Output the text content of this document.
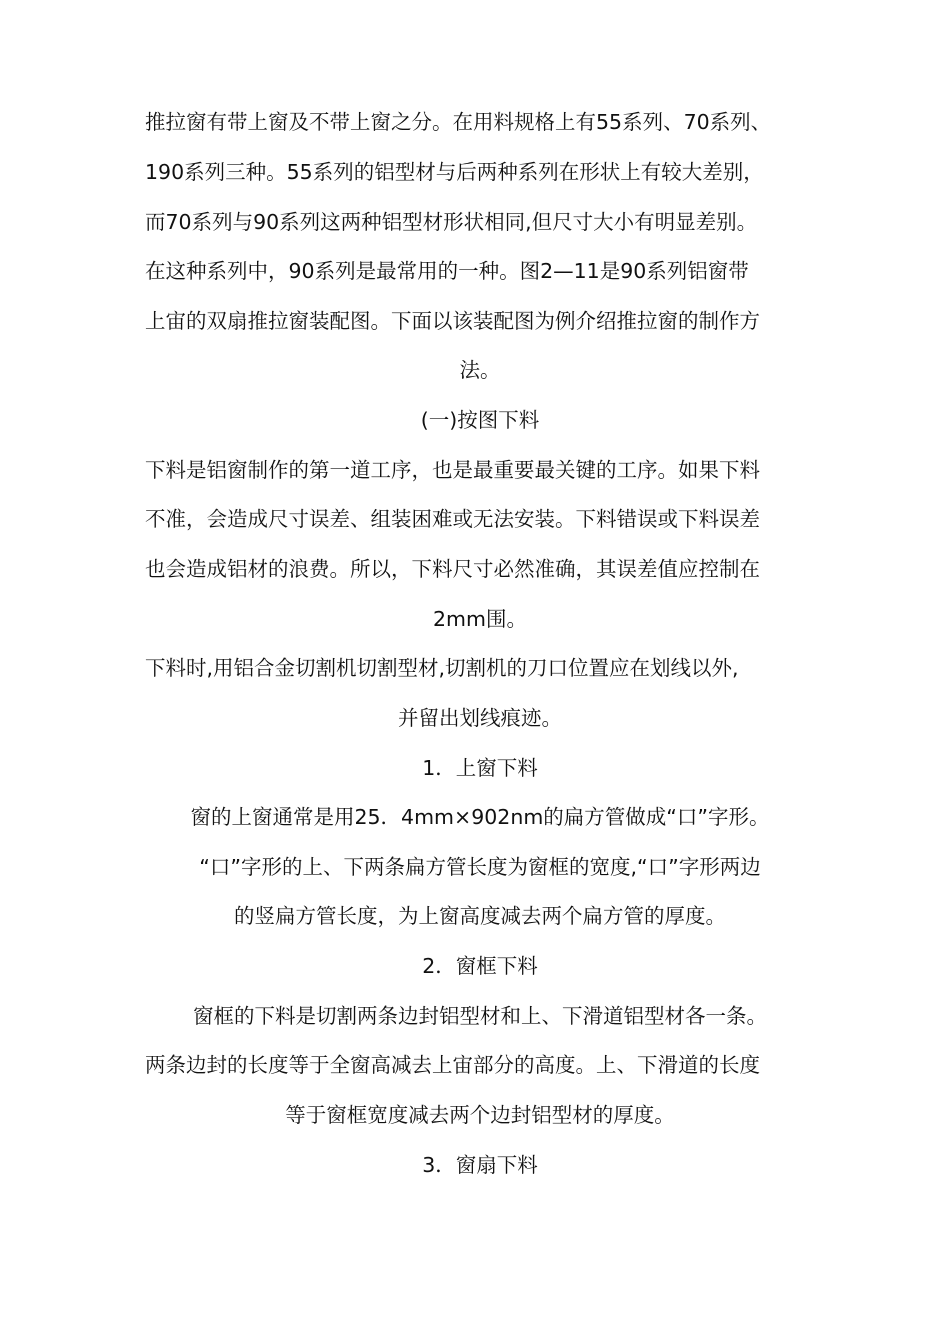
推拉窗有带上窗及不带上窗之分。在用料规格上有55系列、70系列、
190系列三种。55系列的铝型材与后两种系列在形状上有较大差别，
而70系列与90系列这两种铝型材形状相同,但尺寸大小有明显差别。
在这种系列中，90系列是最常用的一种。图2—11是90系列铝窗带
上宙的双扇推拉窗装配图。下面以该装配图为例介绍推拉窗的制作方
法。
(一)按图下料
下料是铝窗制作的第一道工序，也是最重要最关键的工序。如果下料
不准，会造成尺寸误差、组装困难或无法安装。下料错误或下料误差
也会造成铝材的浪费。所以，下料尺寸必然准确，其误差值应控制在
2mm围。
下料时,用铝合金切割机切割型材,切割机的刀口位置应在划线以外,
并留出划线痕迹。
1．上窗下料
窗的上窗通常是用25．4mm×902nm的扁方管做成“口”字形。
“口”字形的上、下两条扁方管长度为窗框的宽度,“口”字形两边
的竖扁方管长度，为上窗高度减去两个扁方管的厚度。
2．窗框下料
窗框的下料是切割两条边封铝型材和上、下滑道铝型材各一条。
两条边封的长度等于全窗高减去上宙部分的高度。上、下滑道的长度
等于窗框宽度减去两个边封铝型材的厚度。
3．窗扇下料
